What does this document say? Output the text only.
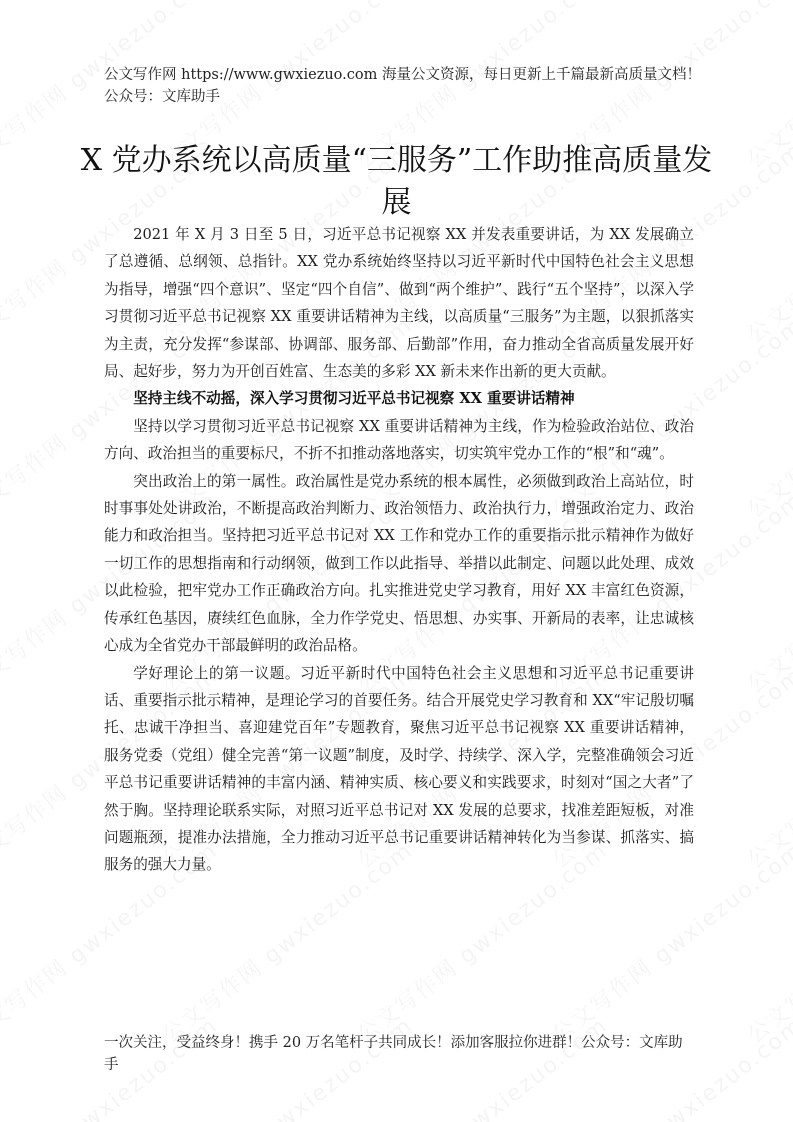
公文写作网 https://www.gwxiezuo.com 海量公文资源，每日更新上千篇最新高质量文档！ 公众号：文库助手
X 党办系统以高质量“三服务”工作助推高质量发展

2021 年 X 月 3 日至 5 日，习近平总书记视察 XX 并发表重要讲话，为 XX 发展确立了总遵循、总纲领、总指针。XX 党办系统始终坚持以习近平新时代中国特色社会主义思想为指导，增强“四个意识”、坚定“四个自信”、做到“两个维护”、践行“五个坚持”，以深入学习贯彻习近平总书记视察 XX 重要讲话精神为主线，以高质量“三服务”为主题，以狠抓落实为主责，充分发挥“参谋部、协调部、服务部、后勤部”作用，奋力推动全省高质量发展开好局、起好步，努力为开创百姓富、生态美的多彩 XX 新未来作出新的更大贡献。

坚持主线不动摇，深入学习贯彻习近平总书记视察 XX 重要讲话精神

坚持以学习贯彻习近平总书记视察 XX 重要讲话精神为主线，作为检验政治站位、政治方向、政治担当的重要标尺，不折不扣推动落地落实，切实筑牢党办工作的“根”和“魂”。

突出政治上的第一属性。政治属性是党办系统的根本属性，必须做到政治上高站位，时时事事处处讲政治，不断提高政治判断力、政治领悟力、政治执行力，增强政治定力、政治能力和政治担当。坚持把习近平总书记对 XX 工作和党办工作的重要指示批示精神作为做好一切工作的思想指南和行动纲领，做到工作以此指导、举措以此制定、问题以此处理、成效以此检验，把牢党办工作正确政治方向。扎实推进党史学习教育，用好 XX 丰富红色资源，传承红色基因，赓续红色血脉，全力作学党史、悟思想、办实事、开新局的表率，让忠诚核心成为全省党办干部最鲜明的政治品格。

学好理论上的第一议题。习近平新时代中国特色社会主义思想和习近平总书记重要讲话、重要指示批示精神，是理论学习的首要任务。结合开展党史学习教育和 XX“牢记殷切嘱托、忠诚干净担当、喜迎建党百年”专题教育，聚焦习近平总书记视察 XX 重要讲话精神，服务党委（党组）健全完善“第一议题”制度，及时学、持续学、深入学，完整准确领会习近平总书记重要讲话精神的丰富内涵、精神实质、核心要义和实践要求，时刻对“国之大者”了然于胸。坚持理论联系实际，对照习近平总书记对 XX 发展的总要求，找准差距短板，对准问题瓶颈，提准办法措施，全力推动习近平总书记重要讲话精神转化为当参谋、抓落实、搞服务的强大力量。

一次关注，受益终身！携手 20 万名笔杆子共同成长！添加客服拉你进群！公众号：文库助手
